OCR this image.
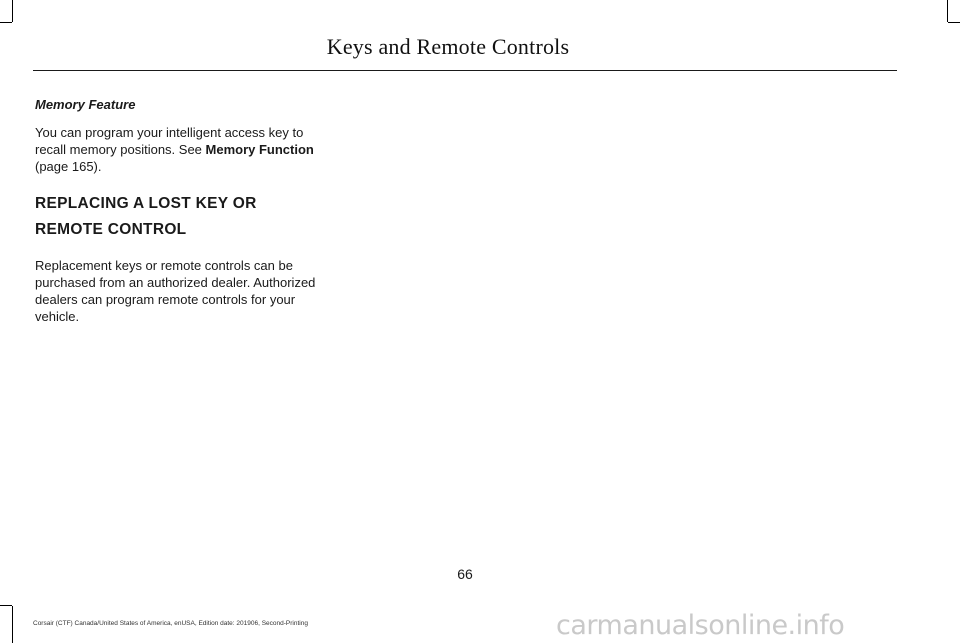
Keys and Remote Controls

Memory Feature

You can program your intelligent access key to recall memory positions. See Memory Function (page 165).

REPLACING A LOST KEY OR
REMOTE CONTROL

Replacement keys or remote controls can be purchased from an authorized dealer. Authorized dealers can program remote controls for your vehicle.

66
Corsair (CTF) Canada/United States of America, enUSA, Edition date: 201906, Second-Printing	carmanualsonline.info
